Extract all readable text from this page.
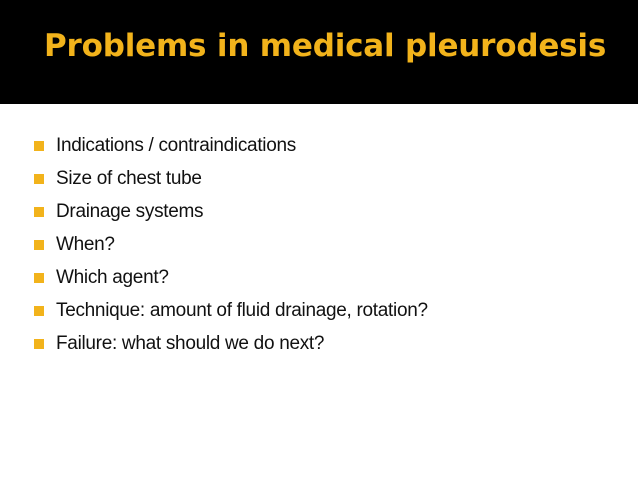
Problems in medical pleurodesis
Indications / contraindications
Size of chest tube
Drainage systems
When?
Which agent?
Technique: amount of fluid drainage, rotation?
Failure: what should we do next?
